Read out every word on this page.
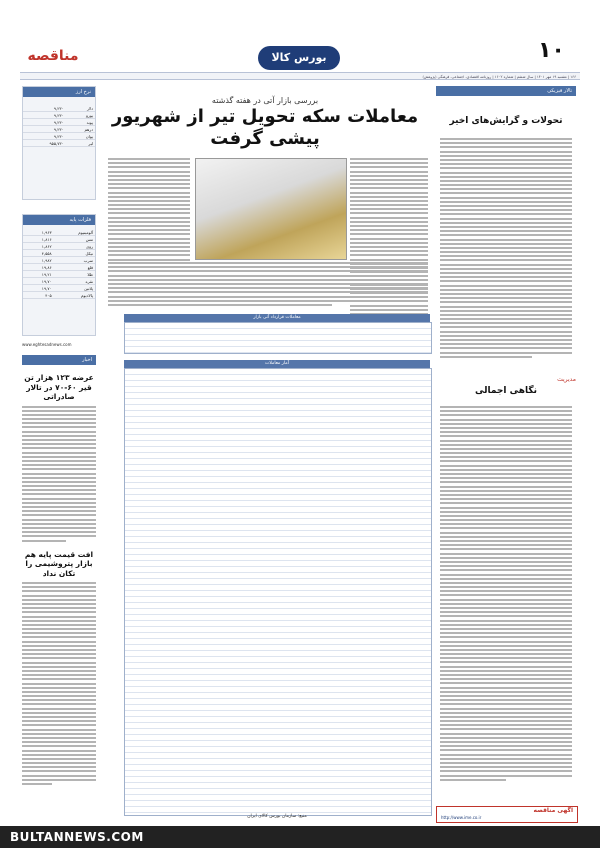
۱۰
بورس کالا
مناقصه
۱۶۶ | مشنبه ۱۹ مهر ۱۴۰۱ | سال ششم | شماره ۱۶۰۲ | روزنامه اقتصادی، اجتماعی، فرهنگی (پژوهش)
تالار فیزیکی
تحولات و گرایش‌های اخیر
مدیریت
نگاهی اجمالی
آگهی مناقصه
http://www.ime.co.ir
نرخ ارز
دلار	۹,۲۳۰
یورو	۹,۲۳۰
پوند	۹,۲۳۰
درهم	۹,۲۳۰
یوان	۹,۲۳۰
لیر	۹۵۵,۷۳۰
فلزات پایه
آلومینیوم	۱,۹۶۳
مس	۱,۸۱۶
روی	۱,۸۶۲
نیکل	۴,۵۵۸
سرب	۱,۹۸۲
قلع	۱۹,۸۶
طلا	۱۹,۲۱
نقره	۱۹,۷۰
پلاتین	۱۹,۷۰
پالادیوم	۴۰۵
www.eghtesadnews.com
اخبار
عرضه ۱۲۳ هزار تن قیر ۶۰-۷۰ در تالار صادراتی
افت قیمت پایه هم بازار پتروشیمی را تکان نداد
بررسی بازار آتی در هفته گذشته
معاملات سکه تحویل تیر از شهریور
پیشی گرفت
معاملات قرارداد آتی بازار
آمار معاملات
منبع: سازمان بورس کالای ایران
BULTANNEWS.COM
